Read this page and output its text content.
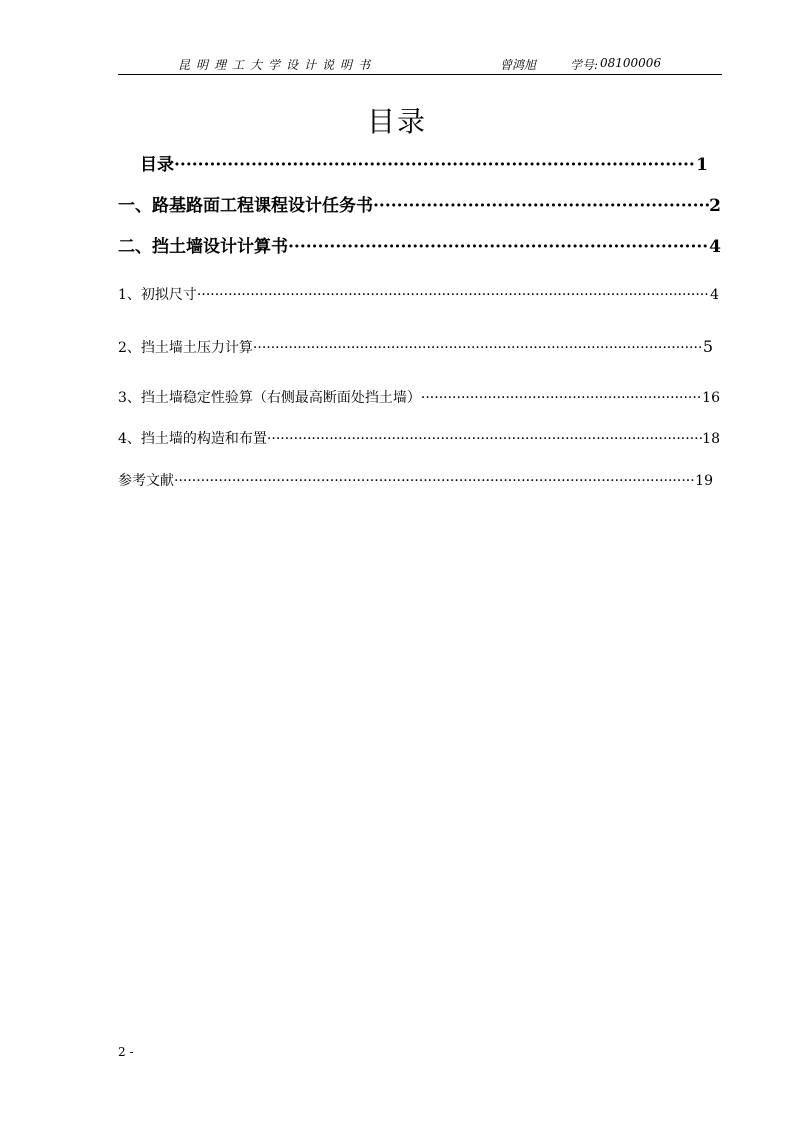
昆明理工大学设计说明书	曾鸿旭	学号: 08100006
目录
目录 ·····	1
一、路基路面工程课程设计任务书 ·····	2
二、挡土墙设计计算书 ·····	4
1、初拟尺寸 ·····	4
2、挡土墙土压力计算 ·····	5
3、挡土墙稳定性验算（右侧最高断面处挡土墙） ·····	16
4、挡土墙的构造和布置 ·····	18
参考文献 ·····	19
2 -
